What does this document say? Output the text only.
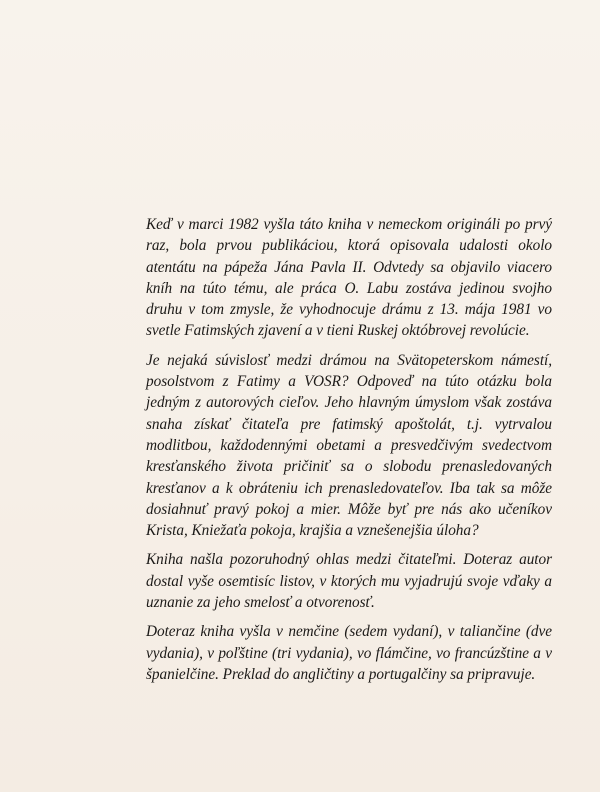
Keď v marci 1982 vyšla táto kniha v nemeckom origináli po prvý raz, bola prvou publikáciou, ktorá opisovala udalosti okolo atentátu na pápeža Jána Pavla II. Odvtedy sa objavilo viacero kníh na túto tému, ale práca O. Labu zostáva jedinou svojho druhu v tom zmysle, že vyhodnocuje drámu z 13. mája 1981 vo svetle Fatimských zjavení a v tieni Ruskej októbrovej revolúcie.

Je nejaká súvislosť medzi drámou na Svätopeterskom námestí, posolstvom z Fatimy a VOSR? Odpoveď na túto otázku bola jedným z autorových cieľov. Jeho hlavným úmyslom však zostáva snaha získať čitateľa pre fatimský apoštolát, t.j. vytrvalou modlitbou, každodennými obetami a presvedčivým svedectvom kresťanského života pričiniť sa o slobodu prenasledovaných kresťanov a k obráteniu ich prenasledovateľov. Iba tak sa môže dosiahnuť pravý pokoj a mier. Môže byť pre nás ako učeníkov Krista, Kniežaťa pokoja, krajšia a vznešenejšia úloha?

Kniha našla pozoruhodný ohlas medzi čitateľmi. Doteraz autor dostal vyše osemtisíc listov, v ktorých mu vyjadrujú svoje vďaky a uznanie za jeho smelosť a otvorenosť.

Doteraz kniha vyšla v nemčine (sedem vydaní), v taliančine (dve vydania), v poľštine (tri vydania), vo flámčine, vo francúzštine a v španielčine. Preklad do angličtiny a portugalčiny sa pripravuje.
